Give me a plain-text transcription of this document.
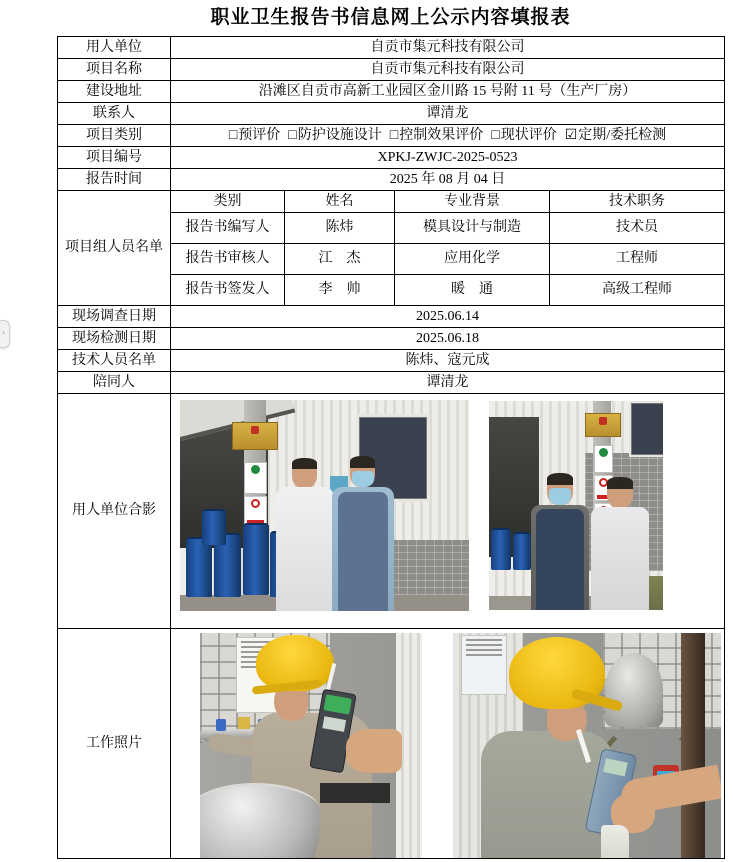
职业卫生报告书信息网上公示内容填报表
›
用人单位	自贡市集元科技有限公司			
项目名称	自贡市集元科技有限公司			
建设地址	沿滩区自贡市高新工业园区金川路 15 号附 11 号（生产厂房）			
联系人	谭清龙			
项目类别	□预评价 □防护设施设计 □控制效果评价 □现状评价 ☑定期/委托检测			
项目编号	XPKJ-ZWJC-2025-0523			
报告时间	2025 年 08 月 04 日			
项目组人员名单	类别	姓名	专业背景	技术职务
	报告书编写人	陈炜	模具设计与制造	技术员
	报告书审核人	江　杰	应用化学	工程师
	报告书签发人	李　帅	暖　通	高级工程师
现场调查日期	2025.06.14			
现场检测日期	2025.06.18			
技术人员名单	陈炜、寇元成			
陪同人	谭清龙			
用人单位合影				

工作照片				
